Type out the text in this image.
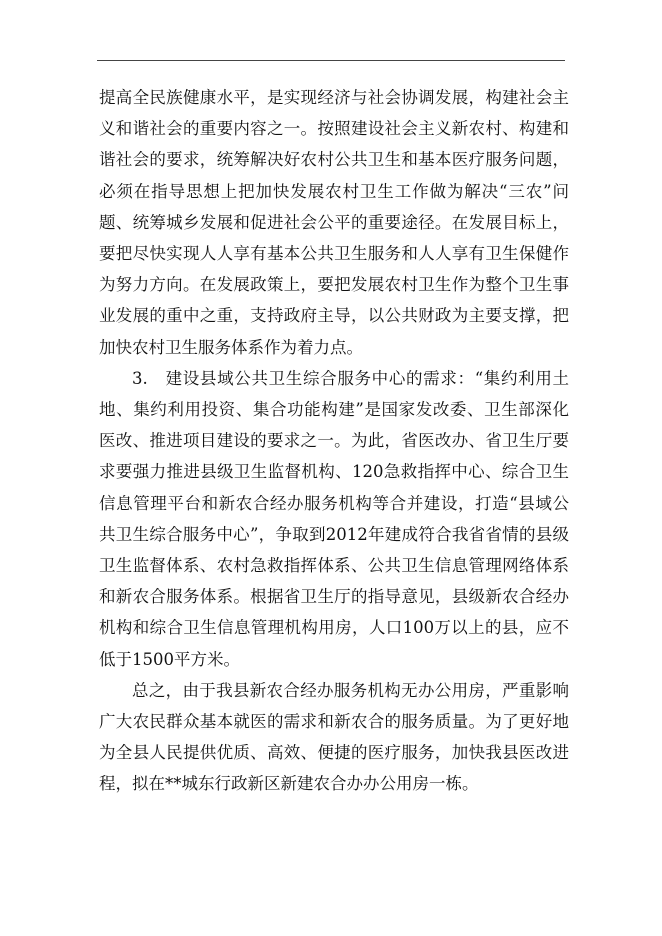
提高全民族健康水平，是实现经济与社会协调发展，构建社会主义和谐社会的重要内容之一。按照建设社会主义新农村、构建和谐社会的要求，统筹解决好农村公共卫生和基本医疗服务问题，必须在指导思想上把加快发展农村卫生工作做为解决“三农”问题、统筹城乡发展和促进社会公平的重要途径。在发展目标上，要把尽快实现人人享有基本公共卫生服务和人人享有卫生保健作为努力方向。在发展政策上，要把发展农村卫生作为整个卫生事业发展的重中之重，支持政府主导，以公共财政为主要支撑，把加快农村卫生服务体系作为着力点。

3.　建设县域公共卫生综合服务中心的需求：“集约利用土地、集约利用投资、集合功能构建”是国家发改委、卫生部深化医改、推进项目建设的要求之一。为此，省医改办、省卫生厅要求要强力推进县级卫生监督机构、120急救指挥中心、综合卫生信息管理平台和新农合经办服务机构等合并建设，打造“县域公共卫生综合服务中心”，争取到2012年建成符合我省省情的县级卫生监督体系、农村急救指挥体系、公共卫生信息管理网络体系和新农合服务体系。根据省卫生厅的指导意见，县级新农合经办机构和综合卫生信息管理机构用房，人口100万以上的县，应不低于1500平方米。

总之，由于我县新农合经办服务机构无办公用房，严重影响广大农民群众基本就医的需求和新农合的服务质量。为了更好地为全县人民提供优质、高效、便捷的医疗服务，加快我县医改进程，拟在**城东行政新区新建农合办办公用房一栋。
